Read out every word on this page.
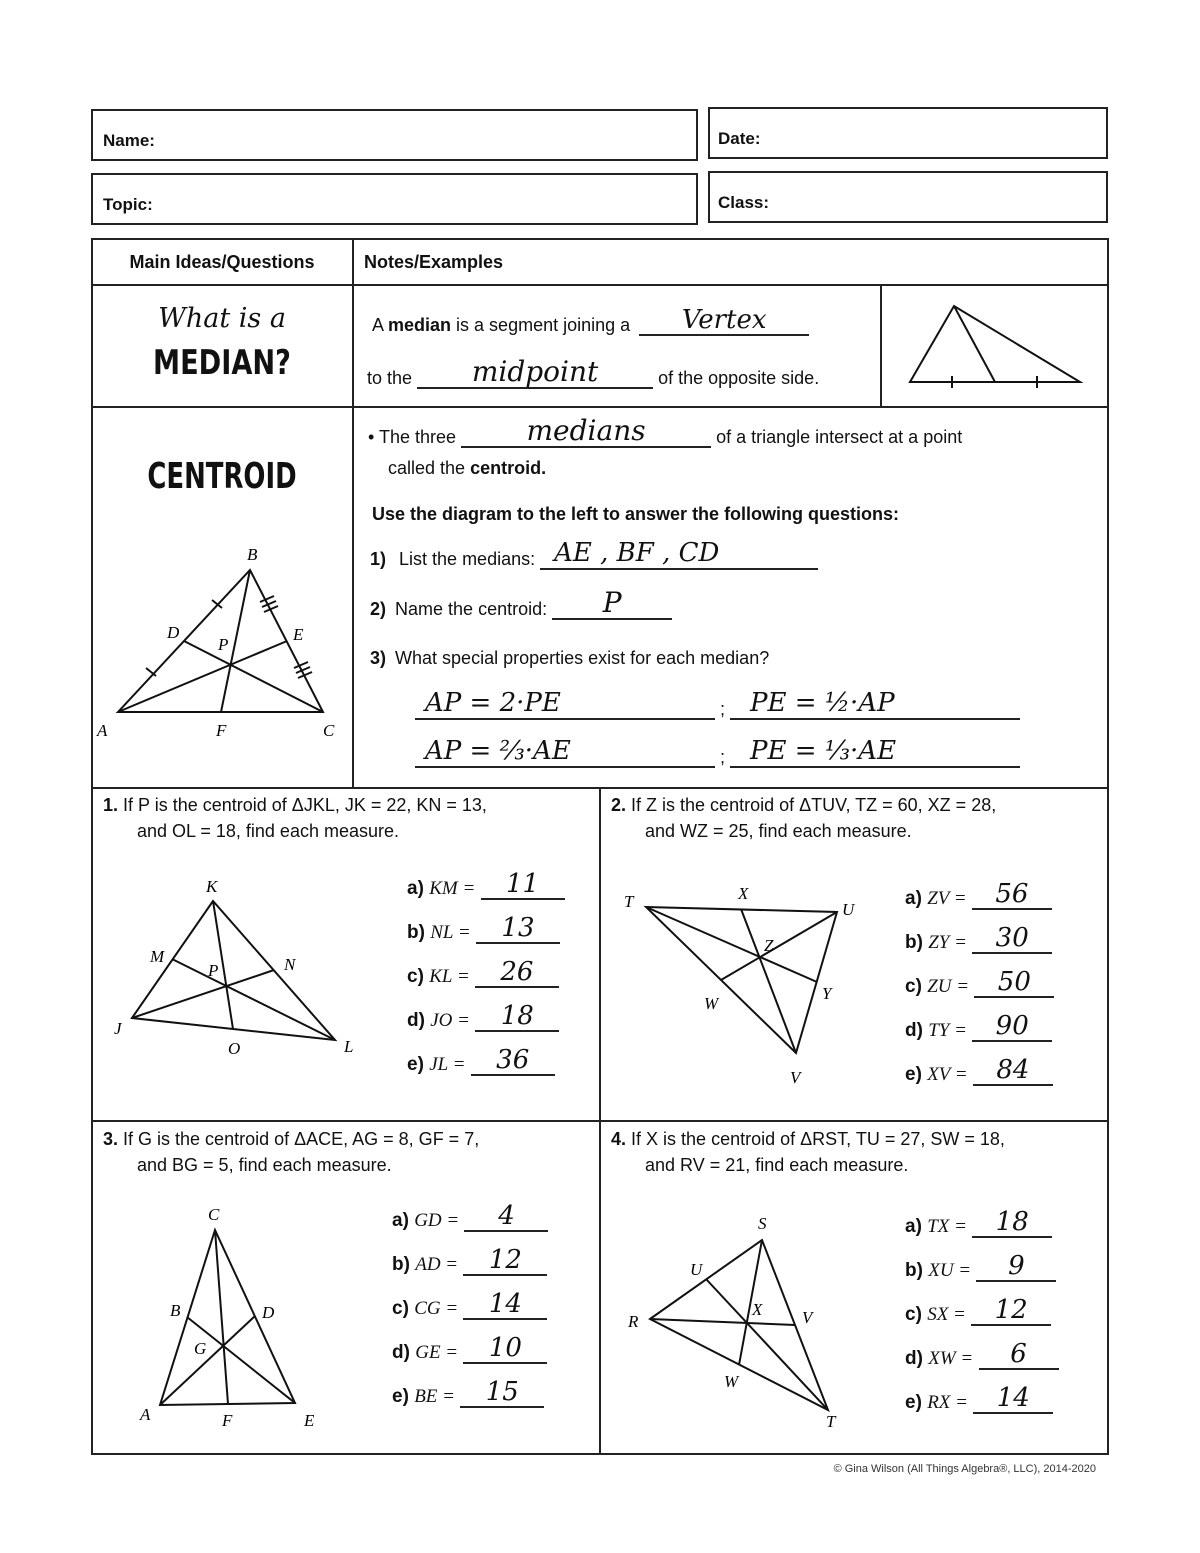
Name:	Date:
Topic:	Class:
Main Ideas/Questions	Notes/Examples
What is a
MEDIAN?
A median is a segment joining a Vertex
to the midpoint	of the opposite side.
CENTROID
B
D
P
E
A	F	C
• The three	medians	of a triangle intersect at a point
called the centroid.
Use the diagram to the left to answer the following questions:
1) List the medians: AE , BF , CD
2) Name the centroid: P
3) What special properties exist for each median?
AP = 2·PE	; PE = ½·AP
AP = ⅔·AE	; PE = ⅓·AE
1. If P is the centroid of ΔJKL, JK = 22, KN = 13,
and OL = 18, find each measure.
K
M	N
P
J
O	L
a) KM = 11
b) NL = 13
c) KL = 26
d) JO = 18
e) JL = 36
2. If Z is the centroid of ΔTUV, TZ = 60, XZ = 28,
and WZ = 25, find each measure.
T	X
U
Z
W
Y
V
a) ZV = 56
b) ZY = 30
c) ZU = 50
d) TY = 90
e) XV = 84
3. If G is the centroid of ΔACE, AG = 8, GF = 7,
and BG = 5, find each measure.
C
B	D
G
A	F	E
a) GD = 4
b) AD = 12
c) CG = 14
d) GE = 10
e) BE = 15
4. If X is the centroid of ΔRST, TU = 27, SW = 18,
and RV = 21, find each measure.
S
U
R
X V
W
T
a) TX = 18
b) XU = 9
c) SX = 12
d) XW = 6
e) RX = 14
© Gina Wilson (All Things Algebra®, LLC), 2014-2020
